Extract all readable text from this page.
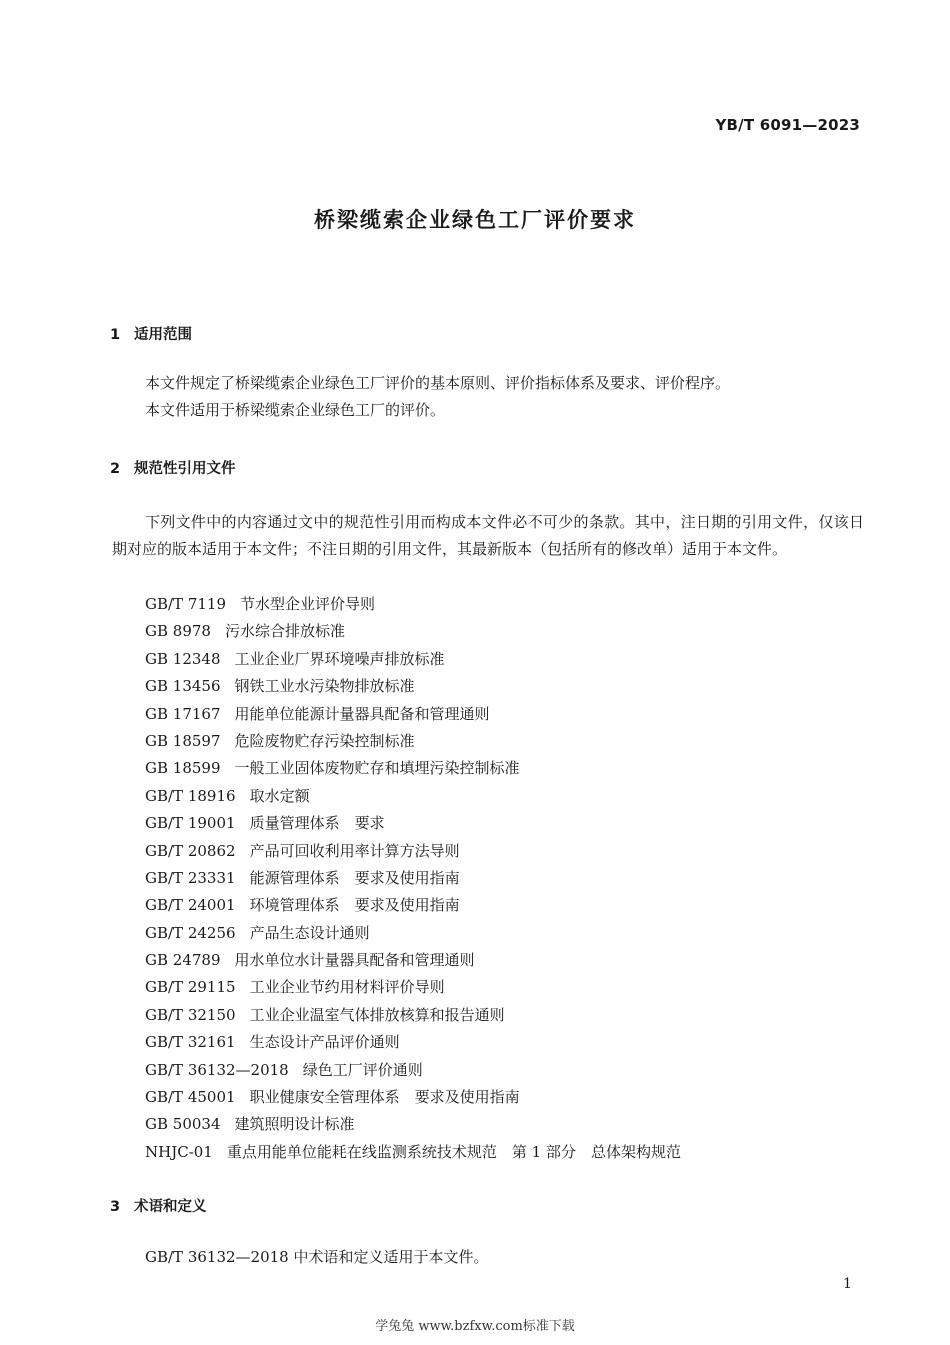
YB/T 6091—2023
桥梁缆索企业绿色工厂评价要求
1 适用范围

本文件规定了桥梁缆索企业绿色工厂评价的基本原则、评价指标体系及要求、评价程序。

本文件适用于桥梁缆索企业绿色工厂的评价。

2 规范性引用文件

下列文件中的内容通过文中的规范性引用而构成本文件必不可少的条款。其中，注日期的引用文件，仅该日期对应的版本适用于本文件；不注日期的引用文件，其最新版本（包括所有的修改单）适用于本文件。

GB/T 7119 节水型企业评价导则
GB 8978 污水综合排放标准
GB 12348 工业企业厂界环境噪声排放标准
GB 13456 钢铁工业水污染物排放标准
GB 17167 用能单位能源计量器具配备和管理通则
GB 18597 危险废物贮存污染控制标准
GB 18599 一般工业固体废物贮存和填埋污染控制标准
GB/T 18916 取水定额
GB/T 19001 质量管理体系　要求
GB/T 20862 产品可回收利用率计算方法导则
GB/T 23331 能源管理体系　要求及使用指南
GB/T 24001 环境管理体系　要求及使用指南
GB/T 24256 产品生态设计通则
GB 24789 用水单位水计量器具配备和管理通则
GB/T 29115 工业企业节约用材料评价导则
GB/T 32150 工业企业温室气体排放核算和报告通则
GB/T 32161 生态设计产品评价通则
GB/T 36132—2018 绿色工厂评价通则
GB/T 45001 职业健康安全管理体系　要求及使用指南
GB 50034 建筑照明设计标准
NHJC-01 重点用能单位能耗在线监测系统技术规范　第 1 部分　总体架构规范
3 术语和定义

GB/T 36132—2018 中术语和定义适用于本文件。

1
学兔兔 www.bzfxw.com标准下载
